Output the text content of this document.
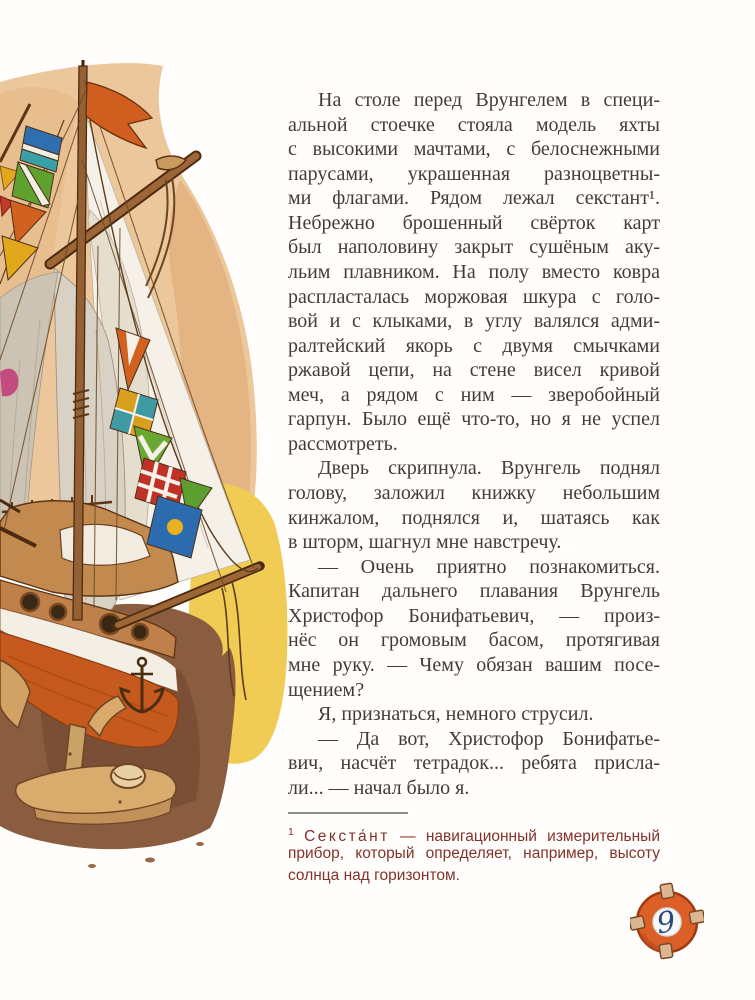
На столе перед Врунгелем в специ-
альной стоечке стояла модель яхты
с высокими мачтами, с белоснежными
парусами, украшенная разноцветны-
ми флагами. Рядом лежал секстант¹.
Небрежно брошенный свёрток карт
был наполовину закрыт сушёным аку-
льим плавником. На полу вместо ковра
распласталась моржовая шкура с голо-
вой и с клыками, в углу валялся адми-
ралтейский якорь с двумя смычками
ржавой цепи, на стене висел кривой
меч, а рядом с ним — зверобойный
гарпун. Было ещё что-то, но я не успел
рассмотреть.
Дверь скрипнула. Врунгель поднял
голову, заложил книжку небольшим
кинжалом, поднялся и, шатаясь как
в шторм, шагнул мне навстречу.
— Очень приятно познакомиться.
Капитан дальнего плавания Врунгель
Христофор Бонифатьевич, — произ-
нёс он громовым басом, протягивая
мне руку. — Чему обязан вашим посе-
щением?
Я, признаться, немного струсил.
— Да вот, Христофор Бонифатье-
вич, насчёт тетрадок... ребята присла-
ли... — начал было я.
$^1$ Секста́нт — навигационный измерительный
прибор, который определяет, например, высоту
солнца над горизонтом.
9
